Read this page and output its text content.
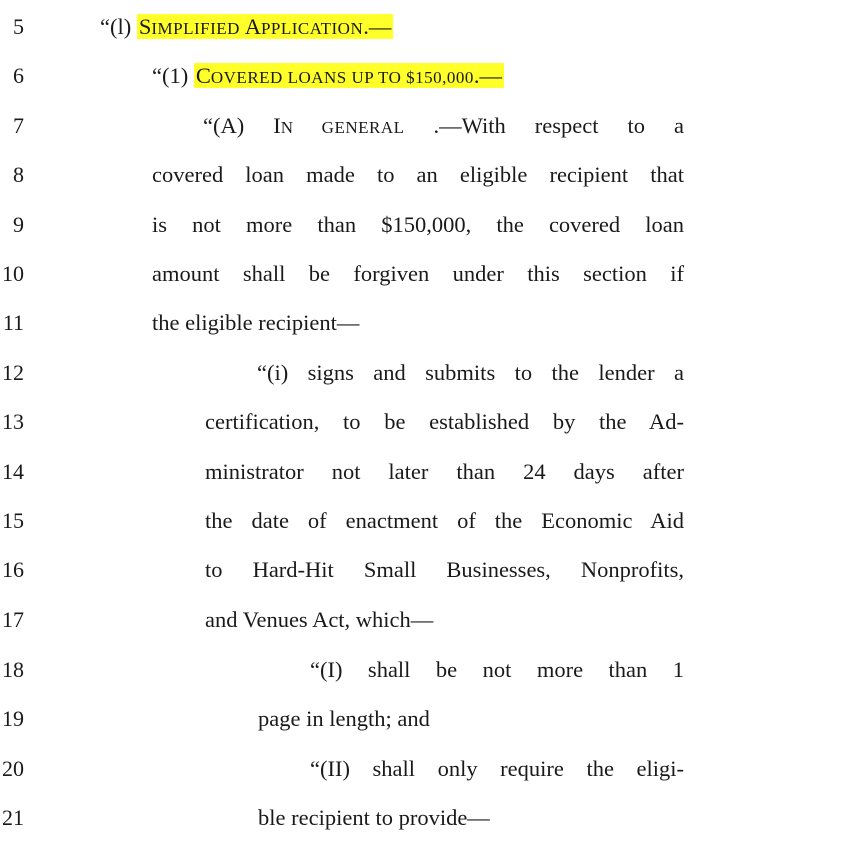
5	“(l) SIMPLIFIED APPLICATION.—
6	“(1) COVERED LOANS UP TO $150,000.—
7	“(A) IN GENERAL .—With respect to a
8	covered loan made to an eligible recipient that
9	is not more than $150,000, the covered loan
10	amount shall be forgiven under this section if
11	the eligible recipient—
12	“(i) signs and submits to the lender a
13	certification, to be established by the Ad-
14	ministrator not later than 24 days after
15	the date of enactment of the Economic Aid
16	to Hard-Hit Small Businesses, Nonprofits,
17	and Venues Act, which—
18	“(I) shall be not more than 1
19	page in length; and
20	“(II) shall only require the eligi-
21	ble recipient to provide—
